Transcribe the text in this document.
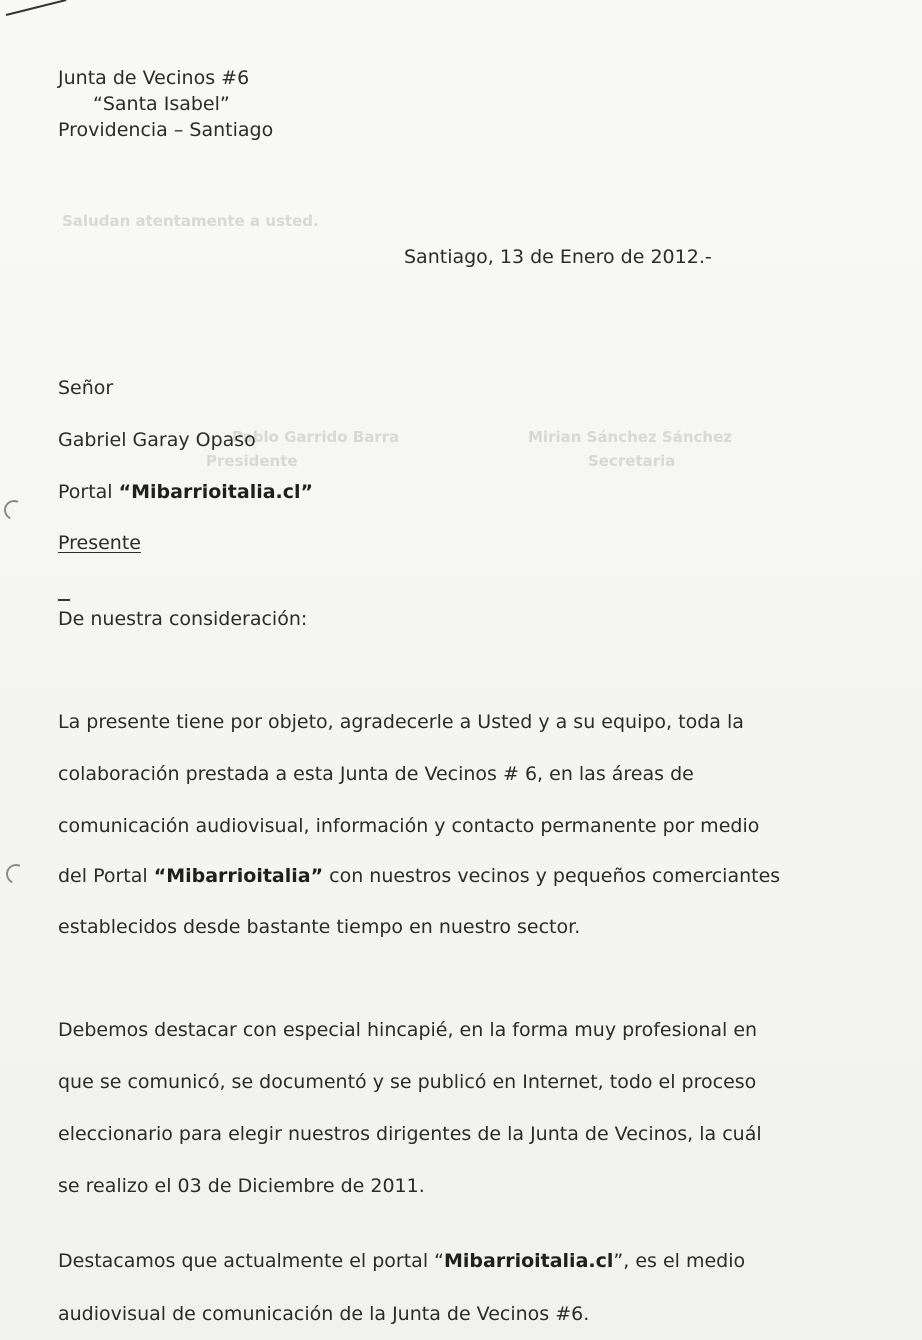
Saludan atentamente a usted.
Pablo Garrido Barra
Presidente
Mirian Sánchez Sánchez
Secretaria
Junta de Vecinos #6
“Santa Isabel”
Providencia – Santiago
Santiago, 13 de Enero de 2012.-
Señor
Gabriel Garay Opaso
Portal “Mibarrioitalia.cl”
Presente
De nuestra consideración:
La presente tiene por objeto, agradecerle a Usted y a su equipo, toda la
colaboración prestada a esta Junta de Vecinos # 6, en las áreas de
comunicación audiovisual, información y contacto permanente por medio
del Portal “Mibarrioitalia” con nuestros vecinos y pequeños comerciantes
establecidos desde bastante tiempo en nuestro sector.
Debemos destacar con especial hincapié, en la forma muy profesional en
que se comunicó, se documentó y se publicó en Internet, todo el proceso
eleccionario para elegir nuestros dirigentes de la Junta de Vecinos, la cuál
se realizo el 03 de Diciembre de 2011.
Destacamos que actualmente el portal “Mibarrioitalia.cl”, es el medio
audiovisual de comunicación de la Junta de Vecinos #6.
